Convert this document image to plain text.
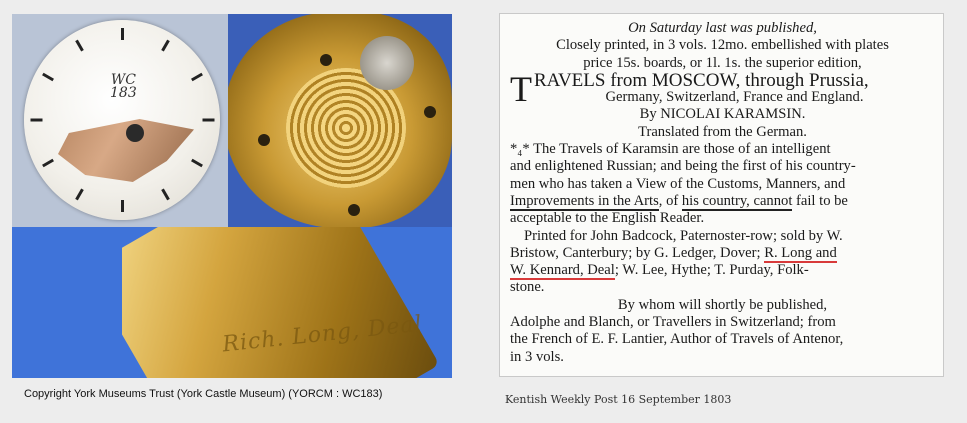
WC
183
Rich. Long, Deal
Copyright York Museums Trust (York Castle Museum) (YORCM : WC183)
On Saturday last was published,
Closely printed, in 3 vols. 12mo. embellished with plates
price 15s. boards, or 1l. 1s. the superior edition,
TRAVELS from MOSCOW, through Prussia,
Germany, Switzerland, France and England.
By NICOLAI KARAMSIN.
Translated from the German.
*₄* The Travels of Karamsin are those of an intelligent
and enlightened Russian; and being the first of his country-
men who has taken a View of the Customs, Manners, and
Improvements in the Arts, of his country, cannot fail to be
acceptable to the English Reader.
Printed for John Badcock, Paternoster-row; sold by W.
Bristow, Canterbury; by G. Ledger, Dover; R. Long and
W. Kennard, Deal; W. Lee, Hythe; T. Purday, Folk-
stone.
By whom will shortly be published,
Adolphe and Blanch, or Travellers in Switzerland; from
the French of E. F. Lantier, Author of Travels of Antenor,
in 3 vols.
Kentish Weekly Post 16 September 1803
